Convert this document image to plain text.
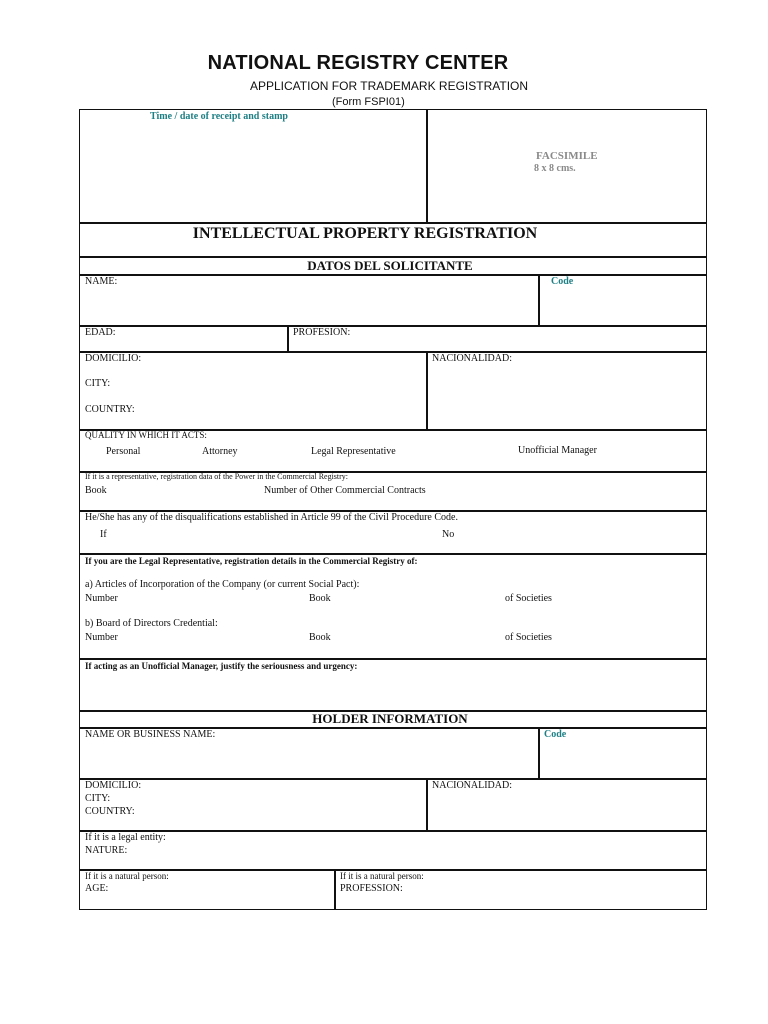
NATIONAL REGISTRY CENTER
APPLICATION FOR TRADEMARK REGISTRATION
(Form FSPI01)
Time / date of receipt and stamp
FACSIMILE
8 x 8 cms.
INTELLECTUAL PROPERTY REGISTRATION
DATOS DEL SOLICITANTE
NAME:	Code
EDAD:	PROFESION:
DOMICILIO:
CITY:
COUNTRY:
NACIONALIDAD:
QUALITY IN WHICH IT ACTS:
Personal	Attorney	Legal Representative	Unofficial Manager
If it is a representative, registration data of the Power in the Commercial Registry:
Book	Number of Other Commercial Contracts
He/She has any of the disqualifications established in Article 99 of the Civil Procedure Code.
If	No
If you are the Legal Representative, registration details in the Commercial Registry of:
a) Articles of Incorporation of the Company (or current Social Pact):
Number	Book	of Societies
b) Board of Directors Credential:
Number	Book	of Societies
If acting as an Unofficial Manager, justify the seriousness and urgency:
HOLDER INFORMATION
NAME OR BUSINESS NAME:	Code
DOMICILIO:
CITY:
COUNTRY:
NACIONALIDAD:
If it is a legal entity:
NATURE:
If it is a natural person:
AGE:
If it is a natural person:
PROFESSION:
